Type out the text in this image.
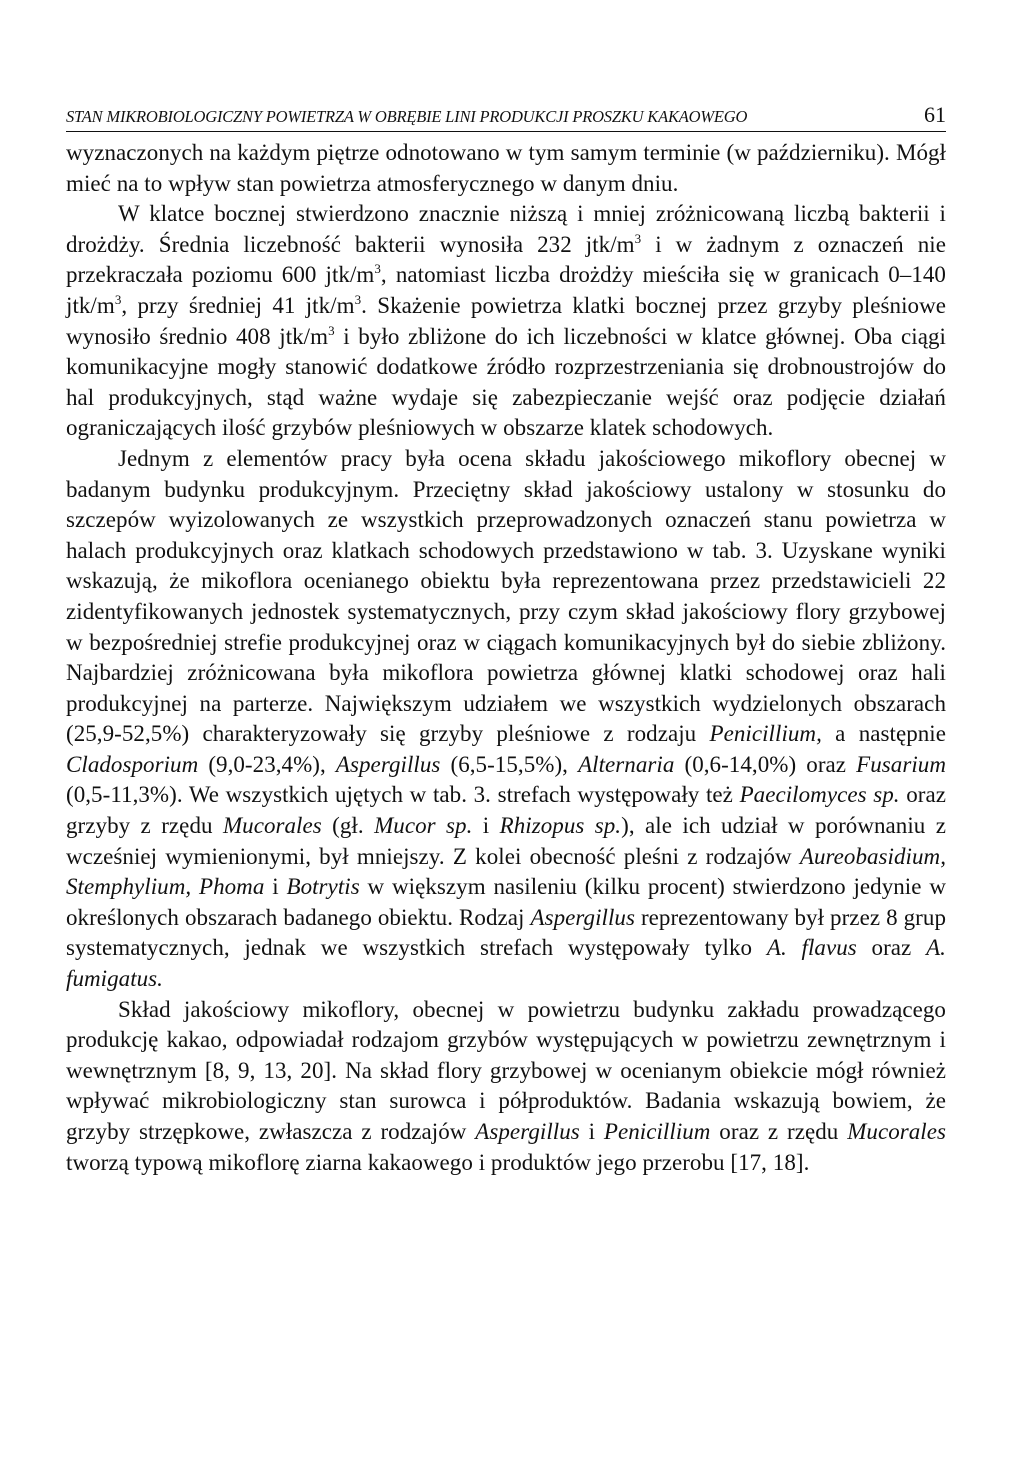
STAN MIKROBIOLOGICZNY POWIETRZA W OBRĘBIE LINI PRODUKCJI PROSZKU KAKAOWEGO	61

wyznaczonych na każdym piętrze odnotowano w tym samym terminie (w październiku). Mógł mieć na to wpływ stan powietrza atmosferycznego w danym dniu.

W klatce bocznej stwierdzono znacznie niższą i mniej zróżnicowaną liczbą bakterii i drożdży. Średnia liczebność bakterii wynosiła 232 jtk/$m^3$ i w żadnym z oznaczeń nie przekraczała poziomu 600 jtk/$m^3$, natomiast liczba drożdży mieściła się w granicach 0–140 jtk/$m^3$, przy średniej 41 jtk/$m^3$. Skażenie powietrza klatki bocznej przez grzyby pleśniowe wynosiło średnio 408 jtk/$m^3$ i było zbliżone do ich liczebności w klatce głównej. Oba ciągi komunikacyjne mogły stanowić dodatkowe źródło rozprzestrzeniania się drobnoustrojów do hal produkcyjnych, stąd ważne wydaje się zabezpieczanie wejść oraz podjęcie działań ograniczających ilość grzybów pleśniowych w obszarze klatek schodowych.

Jednym z elementów pracy była ocena składu jakościowego mikoflory obecnej w badanym budynku produkcyjnym. Przeciętny skład jakościowy ustalony w stosunku do szczepów wyizolowanych ze wszystkich przeprowadzonych oznaczeń stanu powietrza w halach produkcyjnych oraz klatkach schodowych przedstawiono w tab. 3. Uzyskane wyniki wskazują, że mikoflora ocenianego obiektu była reprezentowana przez przedstawicieli 22 zidentyfikowanych jednostek systematycznych, przy czym skład jakościowy flory grzybowej w bezpośredniej strefie produkcyjnej oraz w ciągach komunikacyjnych był do siebie zbliżony. Najbardziej zróżnicowana była mikoflora powietrza głównej klatki schodowej oraz hali produkcyjnej na parterze. Największym udziałem we wszystkich wydzielonych obszarach (25,9-52,5%) charakteryzowały się grzyby pleśniowe z rodzaju Penicillium, a następnie Cladosporium (9,0-23,4%), Aspergillus (6,5-15,5%), Alternaria (0,6-14,0%) oraz Fusarium (0,5-11,3%). We wszystkich ujętych w tab. 3. strefach występowały też Paecilomyces sp. oraz grzyby z rzędu Mucorales (gł. Mucor sp. i Rhizopus sp.), ale ich udział w porównaniu z wcześniej wymienionymi, był mniejszy. Z kolei obecność pleśni z rodzajów Aureobasidium, Stemphylium, Phoma i Botrytis w większym nasileniu (kilku procent) stwierdzono jedynie w określonych obszarach badanego obiektu. Rodzaj Aspergillus reprezentowany był przez 8 grup systematycznych, jednak we wszystkich strefach występowały tylko A. flavus oraz A. fumigatus.

Skład jakościowy mikoflory, obecnej w powietrzu budynku zakładu prowadzącego produkcję kakao, odpowiadał rodzajom grzybów występujących w powietrzu zewnętrznym i wewnętrznym [8, 9, 13, 20]. Na skład flory grzybowej w ocenianym obiekcie mógł również wpływać mikrobiologiczny stan surowca i półproduktów. Badania wskazują bowiem, że grzyby strzępkowe, zwłaszcza z rodzajów Aspergillus i Penicillium oraz z rzędu Mucorales tworzą typową mikoflorę ziarna kakaowego i produktów jego przerobu [17, 18].
